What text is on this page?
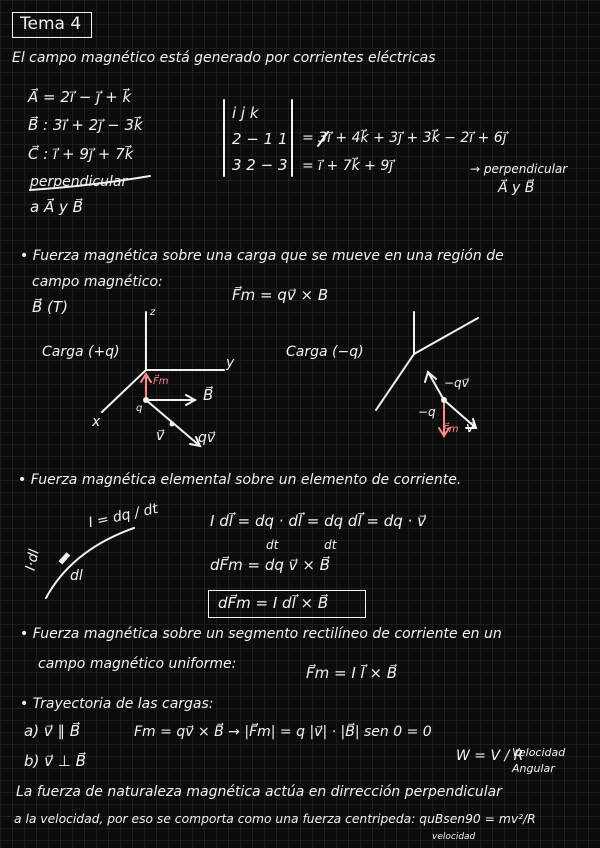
Tema 4
El campo magnético está generado por corrientes eléctricas
A⃗ = 2i⃗ − j⃗ + k⃗
B⃗ : 3i⃗ + 2j⃗ − 3k⃗
C⃗ : i⃗ + 9j⃗ + 7k⃗
perpendicular
a A⃗ y B⃗
i j k
2 − 1 1
3 2 − 3
= 3i⃗ + 4k⃗ + 3j⃗ + 3k⃗ − 2i⃗ + 6j⃗
= i⃗ + 7k⃗ + 9j⃗	→ perpendicular
A⃗ y B⃗
• Fuerza magnética sobre una carga que se mueve en una región de
campo magnético:
B⃗ (T)
F⃗m = qv⃗ × B
Carga (+q)	Carga (−q)
z
y
x
F⃗m
B⃗
q
v⃗ qv⃗
−qv⃗
−q
F⃗m v⃗
• Fuerza magnética elemental sobre un elemento de corriente.
I = dq / dt	I dl⃗ = dq · dl⃗ = dq dl⃗ = dq · v⃗
dt            dt
dF⃗m = dq v⃗ × B⃗
dF⃗m = I dl⃗ × B⃗
I·dl
dl
• Fuerza magnética sobre un segmento rectilíneo de corriente en un
campo magnético uniforme:	F⃗m = I l⃗ × B⃗
• Trayectoria de las cargas:
a) v⃗ ∥ B⃗	Fm = qv⃗ × B⃗ → |F⃗m| = q |v⃗| · |B⃗| sen 0 = 0
b) v⃗ ⊥ B⃗	W = V / R
Velocidad
Angular
La fuerza de naturaleza magnética actúa en dirrección perpendicular
a la velocidad, por eso se comporta como una fuerza centripeda: quBsen90 = mv²/R
velocidad
